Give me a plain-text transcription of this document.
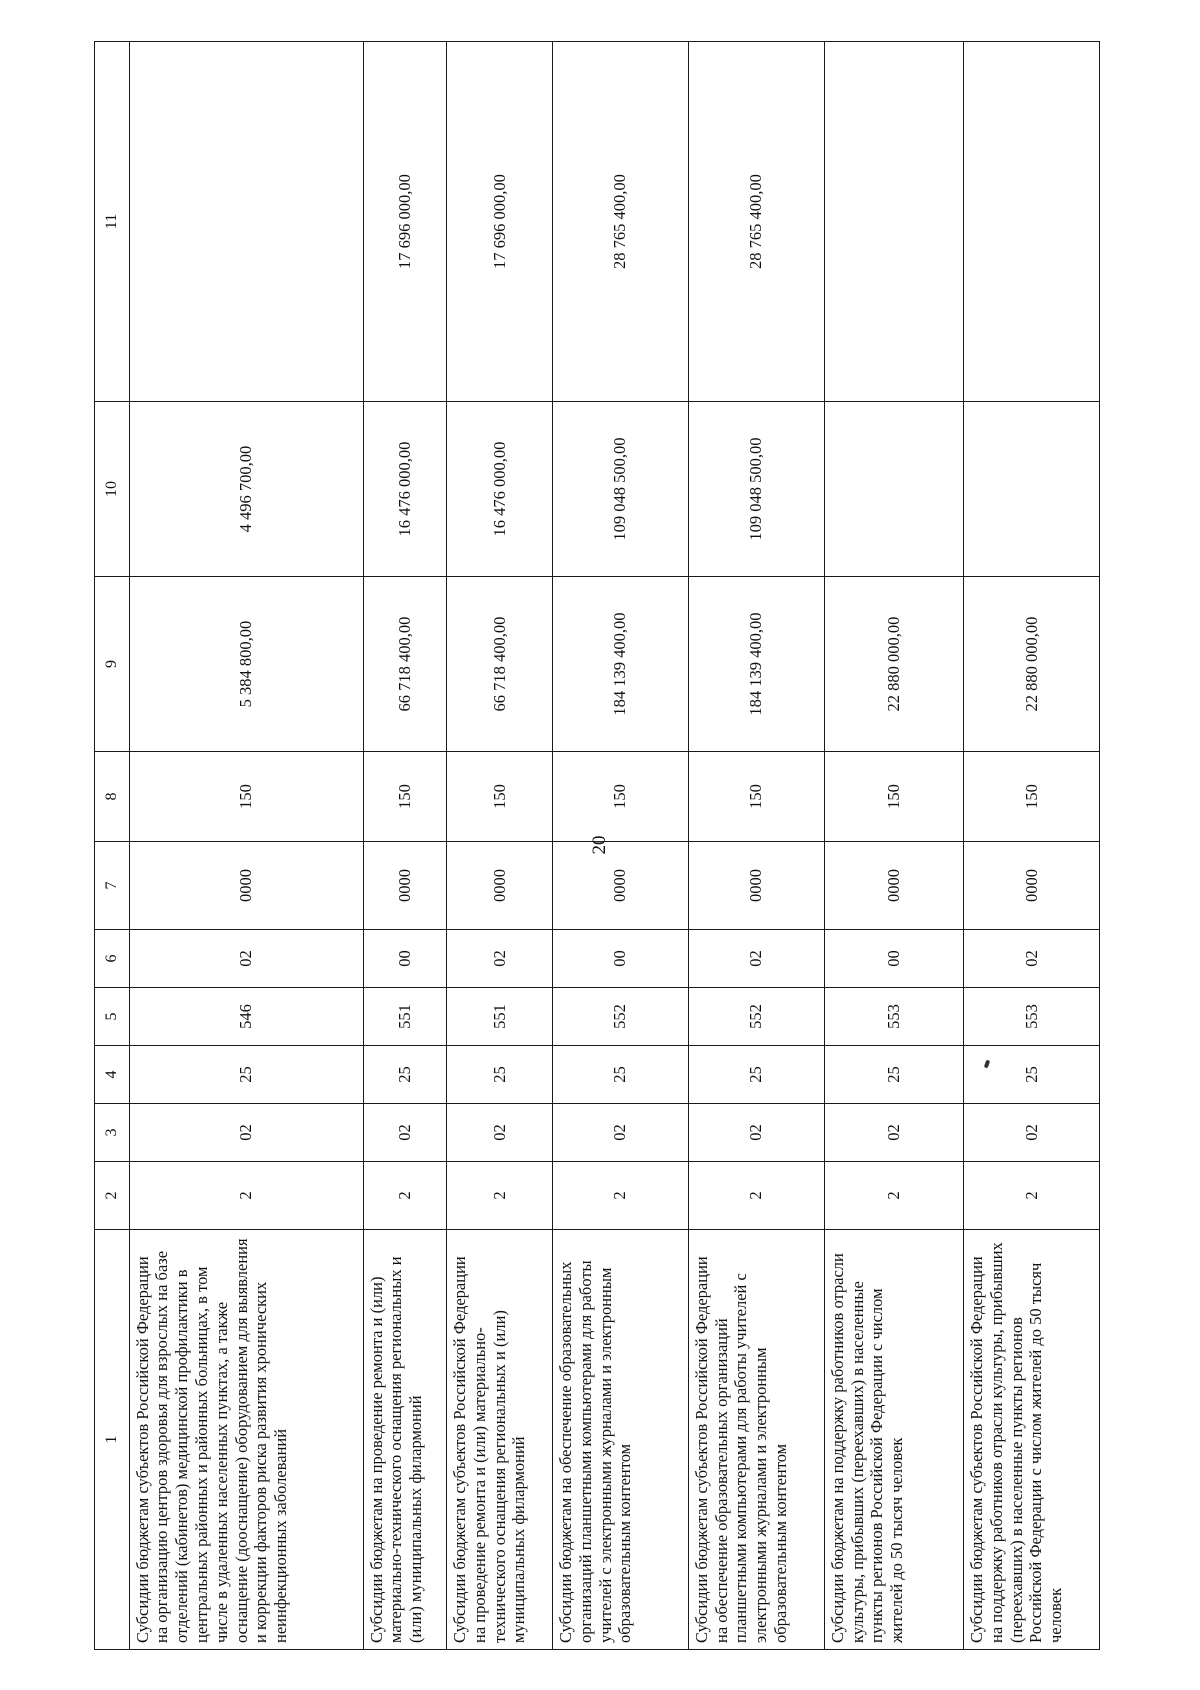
20
1	2	3	4	5	6	7	8	9	10	11
Субсидии бюджетам субъектов Российской Федерации на организацию центров здоровья для взрослых на базе отделений (кабинетов) медицинской профилактики в центральных районных и районных больницах, в том числе в удаленных населенных пунктах, а также оснащение (дооснащение) оборудованием для выявления и коррекции факторов риска развития хронических неинфекционных заболеваний	2	02	25	546	02	0000	150	5 384 800,00	4 496 700,00	
Субсидии бюджетам на проведение ремонта и (или) материально-технического оснащения региональных и (или) муниципальных филармоний	2	02	25	551	00	0000	150	66 718 400,00	16 476 000,00	17 696 000,00
Субсидии бюджетам субъектов Российской Федерации на проведение ремонта и (или) материально-технического оснащения региональных и (или) муниципальных филармоний	2	02	25	551	02	0000	150	66 718 400,00	16 476 000,00	17 696 000,00
Субсидии бюджетам на обеспечение образовательных организаций планшетными компьютерами для работы учителей с электронными журналами и электронным образовательным контентом	2	02	25	552	00	0000	150	184 139 400,00	109 048 500,00	28 765 400,00
Субсидии бюджетам субъектов Российской Федерации на обеспечение образовательных организаций планшетными компьютерами для работы учителей с электронными журналами и электронным образовательным контентом	2	02	25	552	02	0000	150	184 139 400,00	109 048 500,00	28 765 400,00
Субсидии бюджетам на поддержку работников отрасли культуры, прибывших (переехавших) в населенные пункты регионов Российской Федерации с числом жителей до 50 тысяч человек	2	02	25	553	00	0000	150	22 880 000,00		
Субсидии бюджетам субъектов Российской Федерации на поддержку работников отрасли культуры, прибывших (переехавших) в населенные пункты регионов Российской Федерации с числом жителей до 50 тысяч человек	2	02	25	553	02	0000	150	22 880 000,00		
